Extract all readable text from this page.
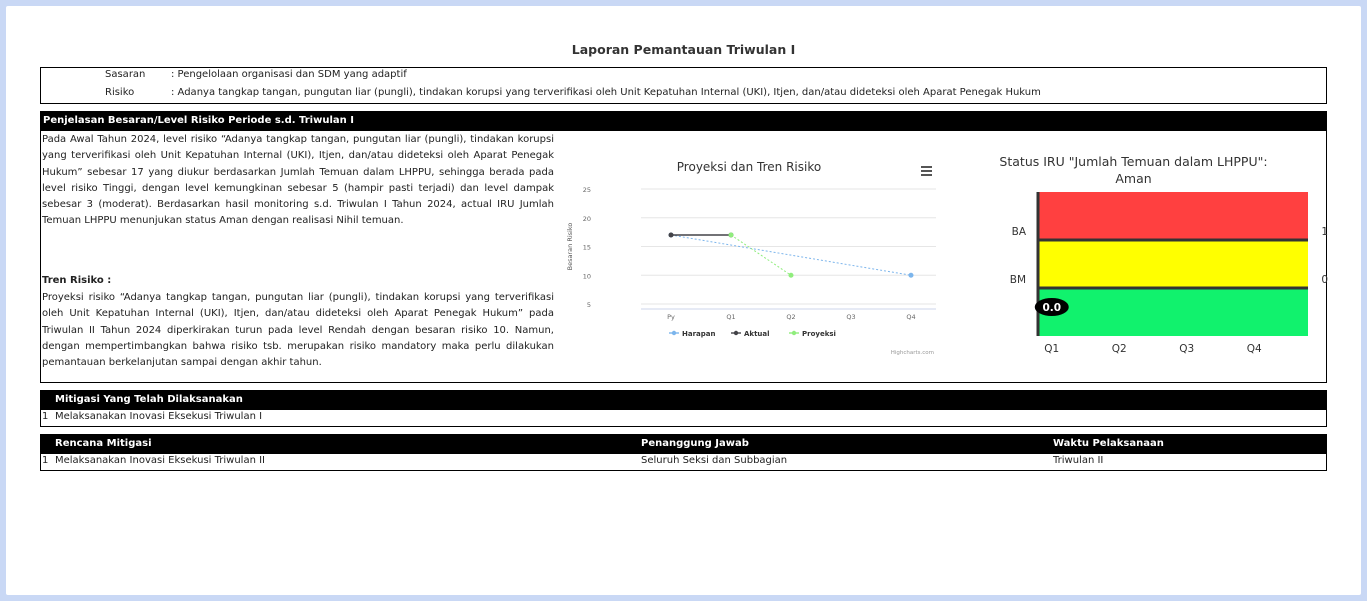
Laporan Pemantauan Triwulan I
Sasaran	: Pengelolaan organisasi dan SDM yang adaptif
Risiko	: Adanya tangkap tangan, pungutan liar (pungli), tindakan korupsi yang terverifikasi oleh Unit Kepatuhan Internal (UKI), Itjen, dan/atau dideteksi oleh Aparat Penegak Hukum
Penjelasan Besaran/Level Risiko Periode s.d. Triwulan I
Pada Awal Tahun 2024, level risiko “Adanya tangkap tangan, pungutan liar (pungli), tindakan korupsi yang terverifikasi oleh Unit Kepatuhan Internal (UKI), Itjen, dan/atau dideteksi oleh Aparat Penegak Hukum” sebesar 17 yang diukur berdasarkan Jumlah Temuan dalam LHPPU, sehingga berada pada level risiko Tinggi, dengan level kemungkinan sebesar 5 (hampir pasti terjadi) dan level dampak sebesar 3 (moderat). Berdasarkan hasil monitoring s.d. Triwulan I Tahun 2024, actual IRU Jumlah Temuan LHPPU menunjukan status Aman dengan realisasi Nihil temuan.
Tren Risiko :
Proyeksi risiko “Adanya tangkap tangan, pungutan liar (pungli), tindakan korupsi yang terverifikasi oleh Unit Kepatuhan Internal (UKI), Itjen, dan/atau dideteksi oleh Aparat Penegak Hukum” pada Triwulan II Tahun 2024 diperkirakan turun pada level Rendah dengan besaran risiko 10. Namun, dengan mempertimbangkan bahwa risiko tsb. merupakan risiko mandatory maka perlu dilakukan pemantauan berkelanjutan sampai dengan akhir tahun.
Proyeksi dan Tren Risiko
5
10
15
20
25
Py	Q1	Q2	Q3	Q4
Besaran Risiko
Harapan	Aktual	Proyeksi
Highcharts.com
Status IRU "Jumlah Temuan dalam LHPPU":
Aman
BA	1
BM	0
Q1	Q2	Q3	Q4
0.0
Mitigasi Yang Telah Dilaksanakan
1 Melaksanakan Inovasi Eksekusi Triwulan I
Rencana Mitigasi	Penanggung Jawab	Waktu Pelaksanaan
1 Melaksanakan Inovasi Eksekusi Triwulan II	Seluruh Seksi dan Subbagian	Triwulan II
